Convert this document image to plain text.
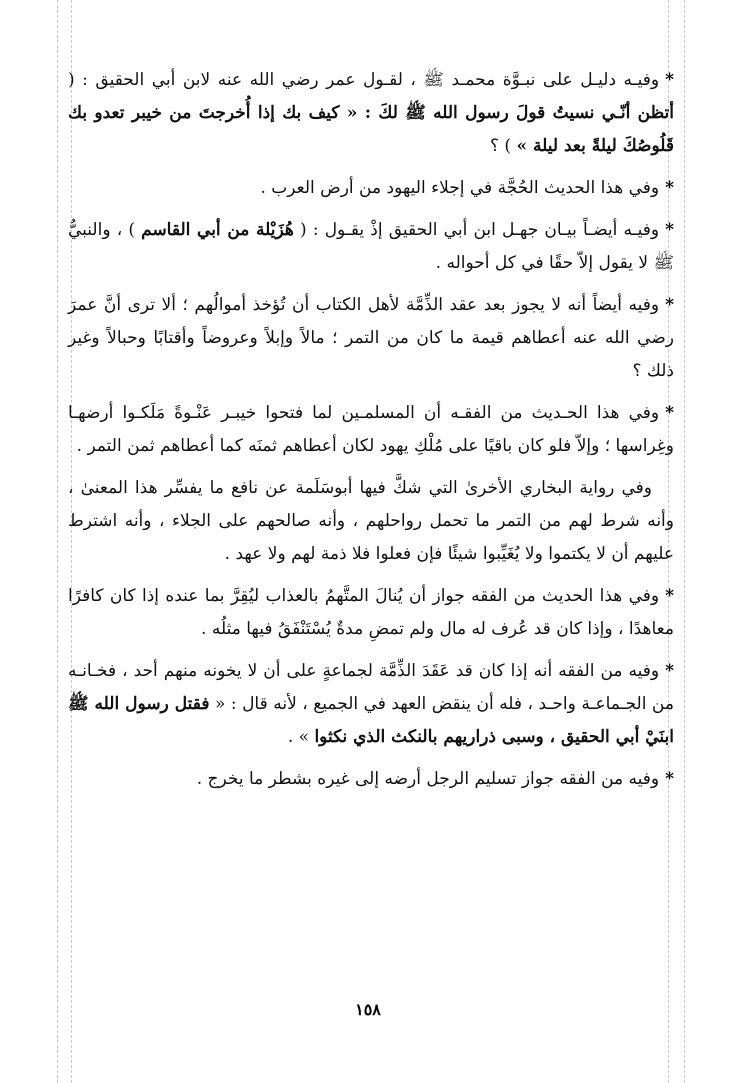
* وفيـه دليـل على نبـوَّة محمـد ﷺ ، لقـول عمر رضي الله عنه لابن أبي الحقيق : ( أتظن أنّـي نسيتُ قولَ رسول الله ﷺ لكَ : « كيف بك إذا أُخرجتَ من خيبر تعدو بك قَلُوصُكَ ليلةً بعد ليلة » ) ؟

* وفي هذا الحديث الحُجَّة في إجلاء اليهود من أرض العرب .

* وفيـه أيضـاً بيـان جهـل ابن أبي الحقيق إذْ يقـول : ( هُزَيْلة من أبي القاسم ) ، والنبيُّ ﷺ لا يقول إلاّ حقًا في كل أحواله .

* وفيه أيضاً أنه لا يجوز بعد عقد الذِّمَّة لأهل الكتاب أن تُؤخذ أموالُهم ؛ ألا ترى أنَّ عمرَ رضي الله عنه أعطاهم قيمة ما كان من التمر ؛ مالاً وإبلاً وعروضاً وأقتابًا وحبالاً وغير ذلك ؟

* وفي هذا الحـديث من الفقـه أن المسلمـين لما فتحوا خيبـر عَنْـوةً مَلَكـوا أرضهـا وغِراسها ؛ وإلاّ فلو كان باقيًا على مُلْكِ يهود لكان أعطاهم ثمنَه كما أعطاهم ثمن التمر .

وفي رواية البخاري الأخرىٰ التي شكَّ فيها أبوسَلَمة عن نافع ما يفسِّر هذا المعنىٰ ، وأنه شرط لهم من التمر ما تحمل رواحلهم ، وأنه صالحهم على الجلاء ، وأنه اشترط عليهم أن لا يكتموا ولا يُغَيِّبوا شيئًا فإن فعلوا فلا ذمة لهم ولا عهد .

* وفي هذا الحديث من الفقه جواز أن يُنالَ المتَّهمُ بالعذاب ليُقِرَّ بما عنده إذا كان كافرًا معاهدًا ، وإذا كان قد عُرف له مال ولم تمضِ مدةٌ يُسْتَنْفَقُ فيها مثلُه .

* وفيه من الفقه أنه إذا كان قد عَقَدَ الذِّمَّة لجماعةٍ على أن لا يخونه منهم أحد ، فخـانـه من الجـماعـة واحـد ، فله أن ينقض العهد في الجميع ، لأنه قال : « فقتل رسول الله ﷺ ابنَيْ أبي الحقيق ، وسبى ذراريهم بالنكث الذي نكثوا » .

* وفيه من الفقه جواز تسليم الرجل أرضه إلى غيره بشطر ما يخرج .

١٥٨
